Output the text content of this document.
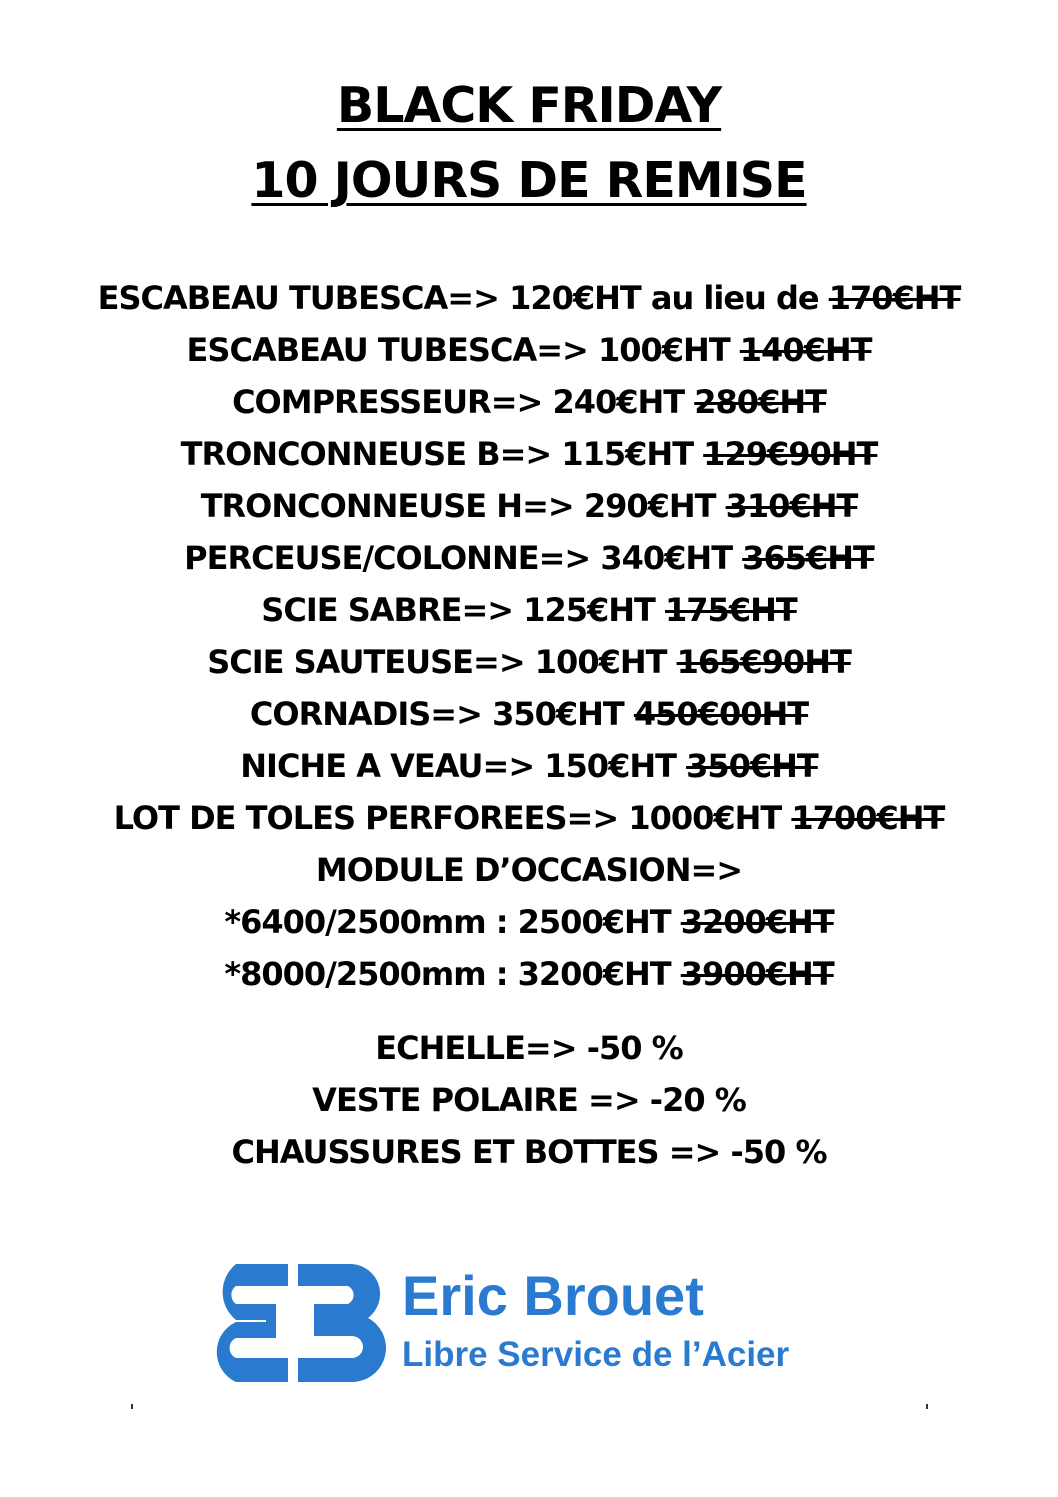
BLACK FRIDAY
10 JOURS DE REMISE
ESCABEAU TUBESCA=> 120€HT au lieu de 170€HT
ESCABEAU TUBESCA=> 100€HT 140€HT
COMPRESSEUR=> 240€HT 280€HT
TRONCONNEUSE B=> 115€HT 129€90HT
TRONCONNEUSE H=> 290€HT 310€HT
PERCEUSE/COLONNE=> 340€HT 365€HT
SCIE SABRE=> 125€HT 175€HT
SCIE SAUTEUSE=> 100€HT 165€90HT
CORNADIS=> 350€HT 450€00HT
NICHE A VEAU=> 150€HT 350€HT
LOT DE TOLES PERFOREES=> 1000€HT 1700€HT
MODULE D’OCCASION=>
*6400/2500mm : 2500€HT 3200€HT
*8000/2500mm : 3200€HT 3900€HT
ECHELLE=> -50 %
VESTE POLAIRE => -20 %
CHAUSSURES ET BOTTES => -50 %
Eric Brouet
Libre Service de l’Acier
